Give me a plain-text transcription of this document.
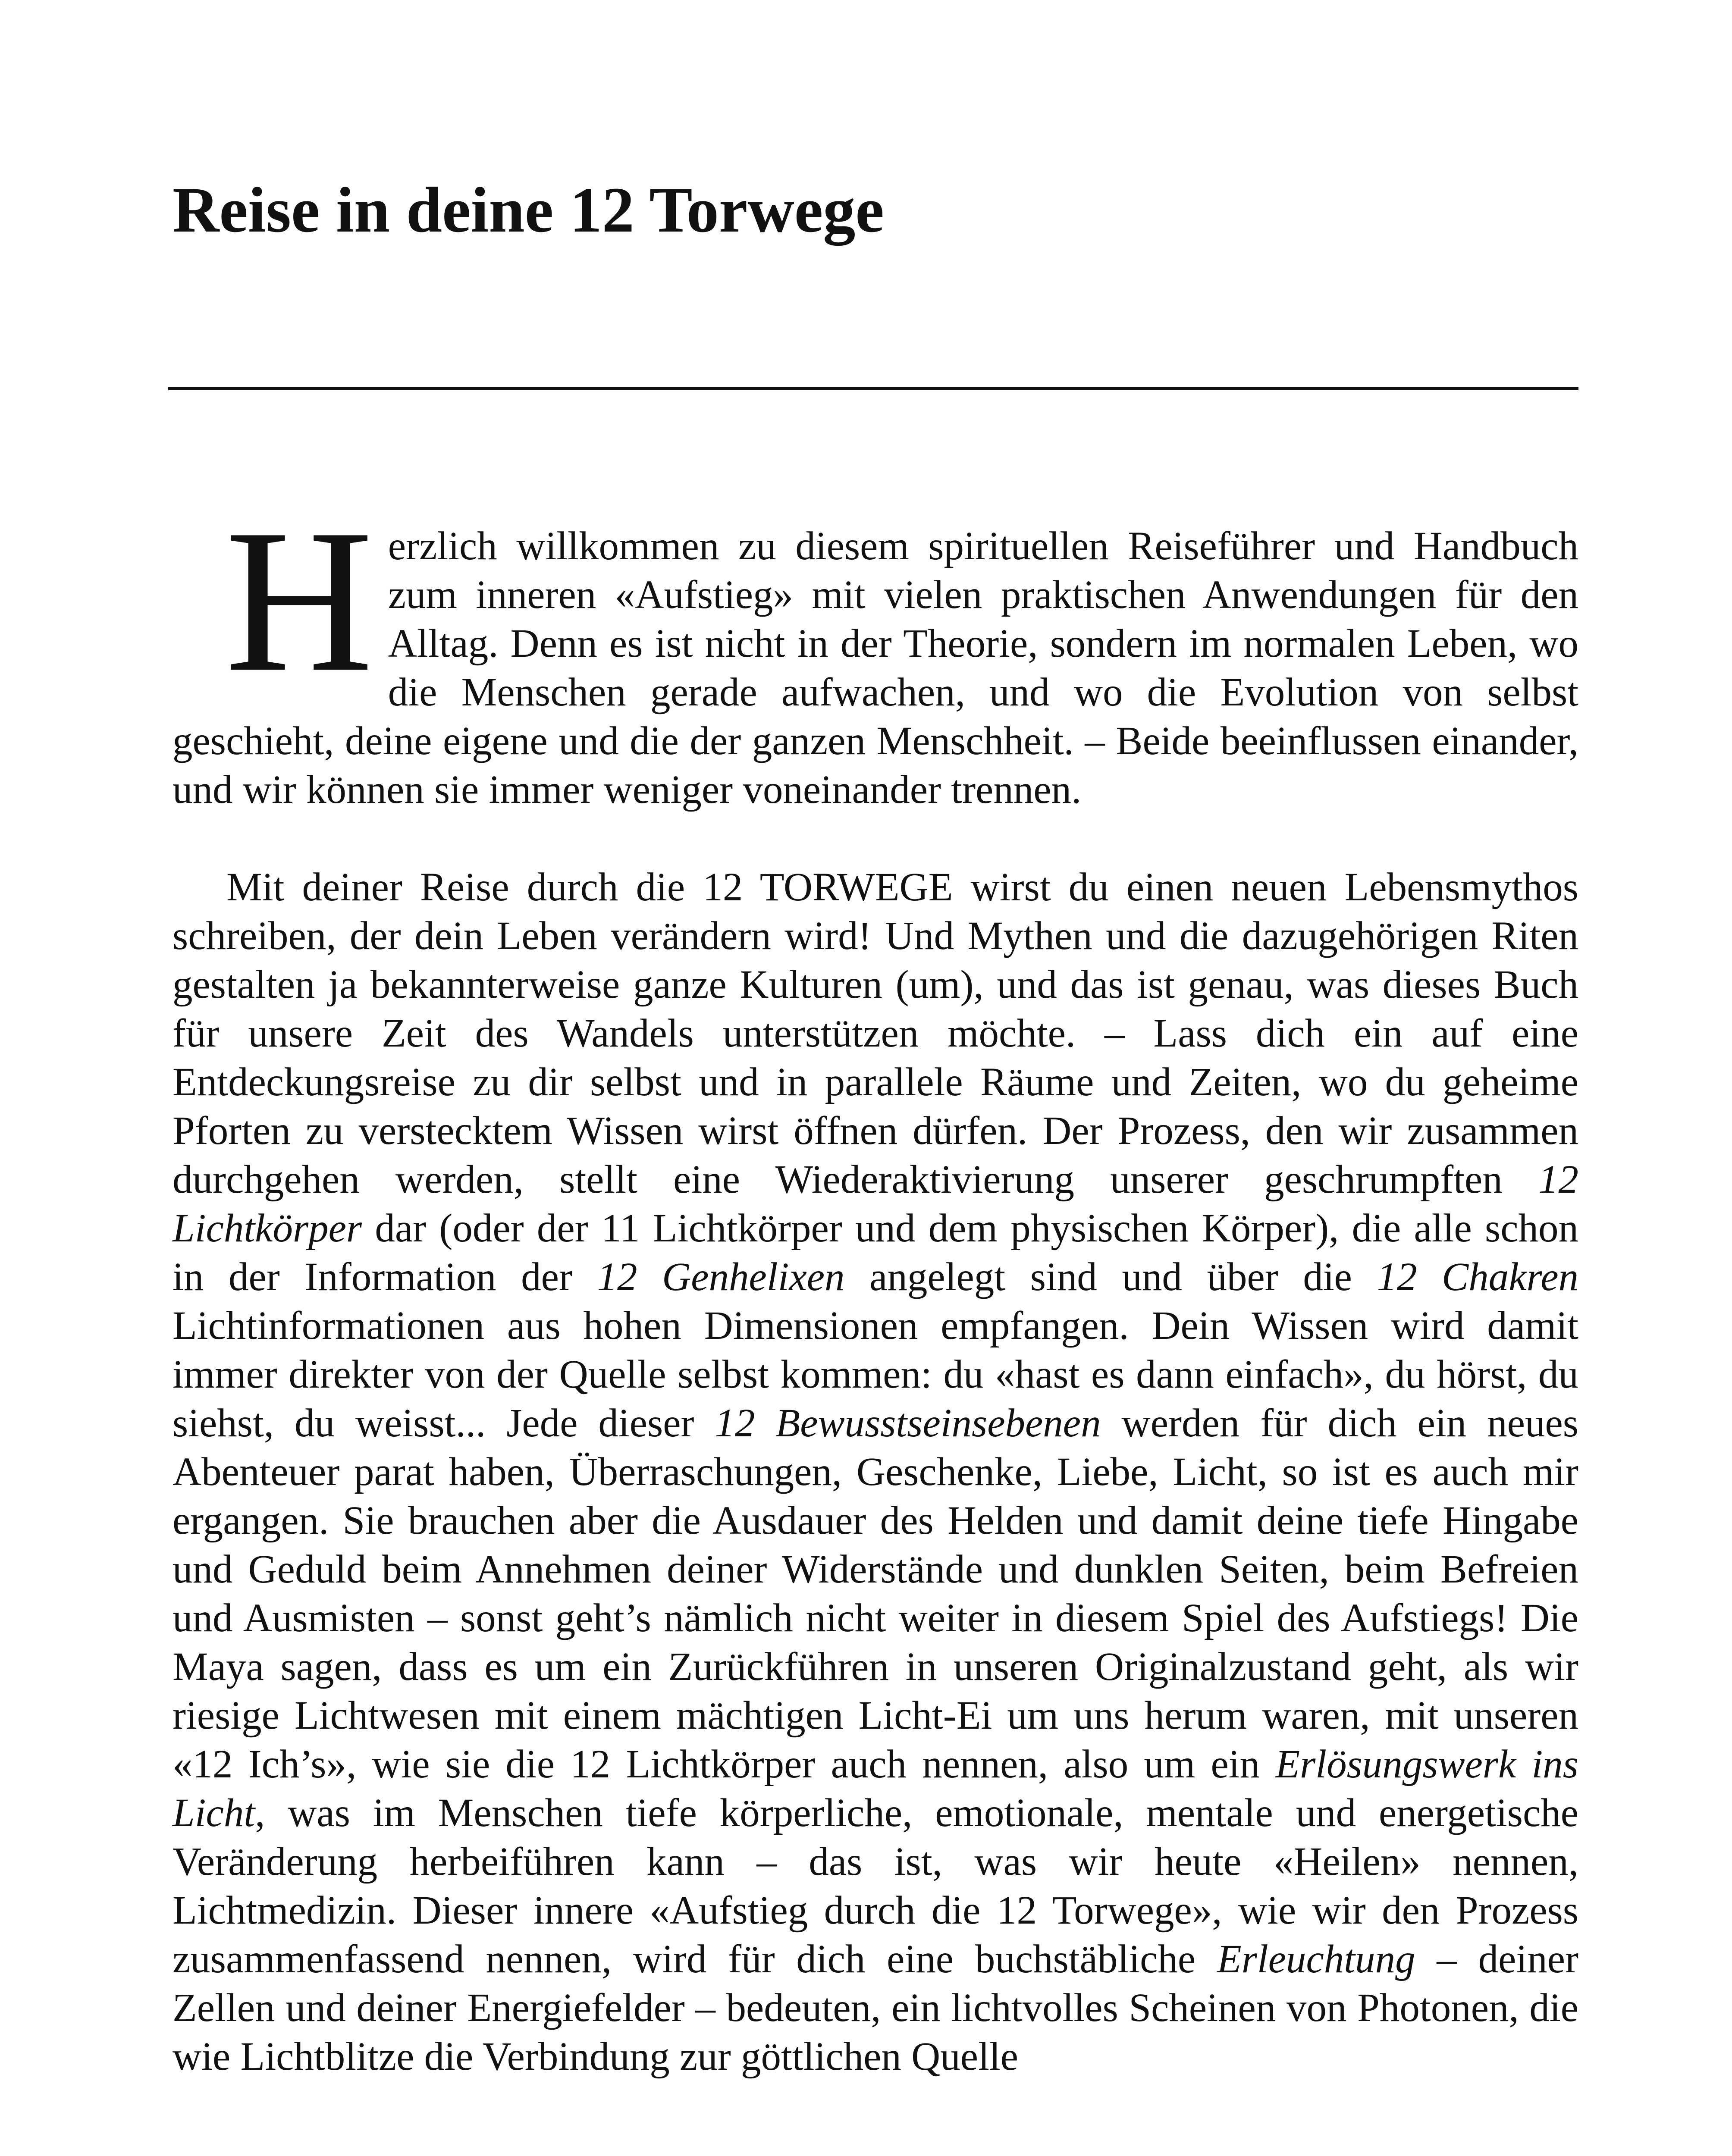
Reise in deine 12 Torwege

Herzlich willkommen zu diesem spirituellen Reiseführer und Handbuch zum inneren «Aufstieg» mit vielen praktischen Anwendungen für den Alltag. Denn es ist nicht in der Theorie, sondern im normalen Leben, wo die Menschen gerade aufwachen, und wo die Evolution von selbst geschieht, deine eigene und die der ganzen Menschheit. – Beide beeinflussen einander, und wir können sie immer weniger voneinander trennen.

Mit deiner Reise durch die 12 TORWEGE wirst du einen neuen Lebensmythos schreiben, der dein Leben verändern wird! Und Mythen und die dazugehörigen Riten gestalten ja bekannterweise ganze Kulturen (um), und das ist genau, was dieses Buch für unsere Zeit des Wandels unterstützen möchte. – Lass dich ein auf eine Entdeckungsreise zu dir selbst und in parallele Räume und Zeiten, wo du geheime Pforten zu verstecktem Wissen wirst öffnen dürfen. Der Prozess, den wir zusammen durchgehen werden, stellt eine Wiederaktivierung unserer geschrumpften 12 Lichtkörper dar (oder der 11 Lichtkörper und dem physischen Körper), die alle schon in der Information der 12 Genhelixen angelegt sind und über die 12 Chakren Lichtinformationen aus hohen Dimensionen empfangen. Dein Wissen wird damit immer direkter von der Quelle selbst kommen: du «hast es dann einfach», du hörst, du siehst, du weisst... Jede dieser 12 Bewusstseinsebenen werden für dich ein neues Abenteuer parat haben, Überraschungen, Geschenke, Liebe, Licht, so ist es auch mir ergangen. Sie brauchen aber die Ausdauer des Helden und damit deine tiefe Hingabe und Geduld beim Annehmen deiner Widerstände und dunklen Seiten, beim Befreien und Ausmisten – sonst geht’s nämlich nicht weiter in diesem Spiel des Aufstiegs! Die Maya sagen, dass es um ein Zurückführen in unseren Originalzustand geht, als wir riesige Lichtwesen mit einem mächtigen Licht-Ei um uns herum waren, mit unseren «12 Ich’s», wie sie die 12 Lichtkörper auch nennen, also um ein Erlösungswerk ins Licht, was im Menschen tiefe körperliche, emotionale, mentale und energetische Veränderung herbeiführen kann – das ist, was wir heute «Heilen» nennen, Lichtmedizin. Dieser innere «Aufstieg durch die 12 Torwege», wie wir den Prozess zusammenfassend nennen, wird für dich eine buchstäbliche Erleuchtung – deiner Zellen und deiner Energiefelder – bedeuten, ein lichtvolles Scheinen von Photonen, die wie Lichtblitze die Verbindung zur göttlichen Quelle
